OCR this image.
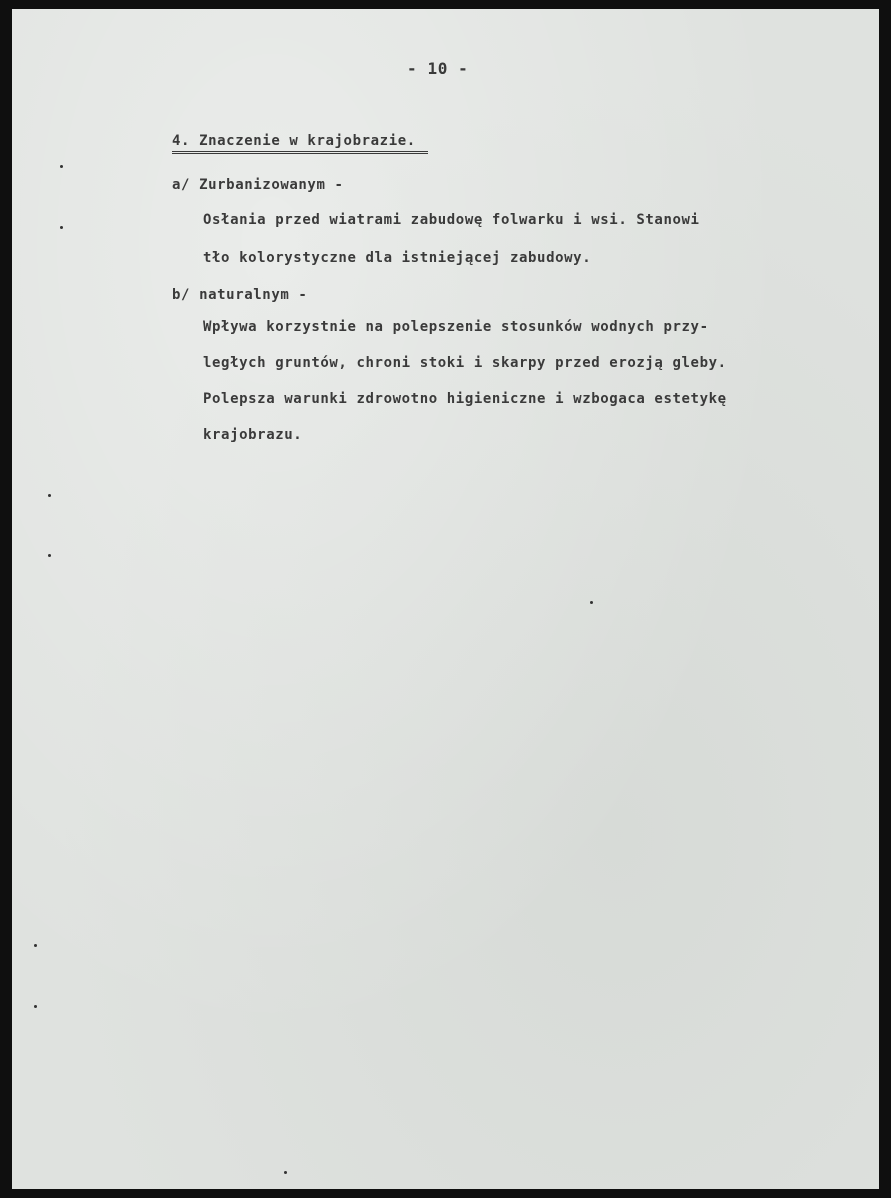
- 10 -
4. Znaczenie w krajobrazie.
a/ Zurbanizowanym -
Osłania przed wiatrami zabudowę folwarku i wsi. Stanowi
tło kolorystyczne dla istniejącej zabudowy.
b/ naturalnym -
Wpływa korzystnie na polepszenie stosunków wodnych przy-
ległych gruntów, chroni stoki i skarpy przed erozją gleby.
Polepsza warunki zdrowotno higieniczne i wzbogaca estetykę
krajobrazu.
